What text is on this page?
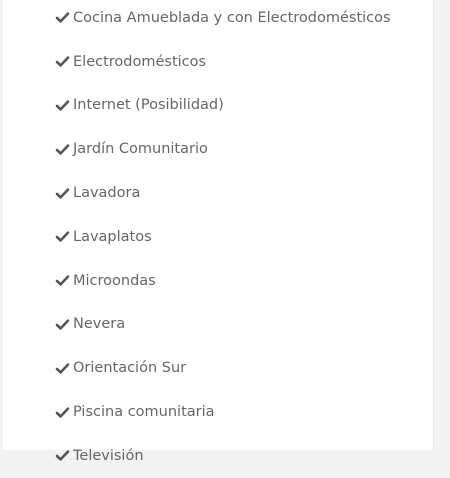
Cocina Amueblada y con Electrodomésticos
Electrodomésticos
Internet (Posibilidad)
Jardín Comunitario
Lavadora
Lavaplatos
Microondas
Nevera
Orientación Sur
Piscina comunitaria
Televisión
